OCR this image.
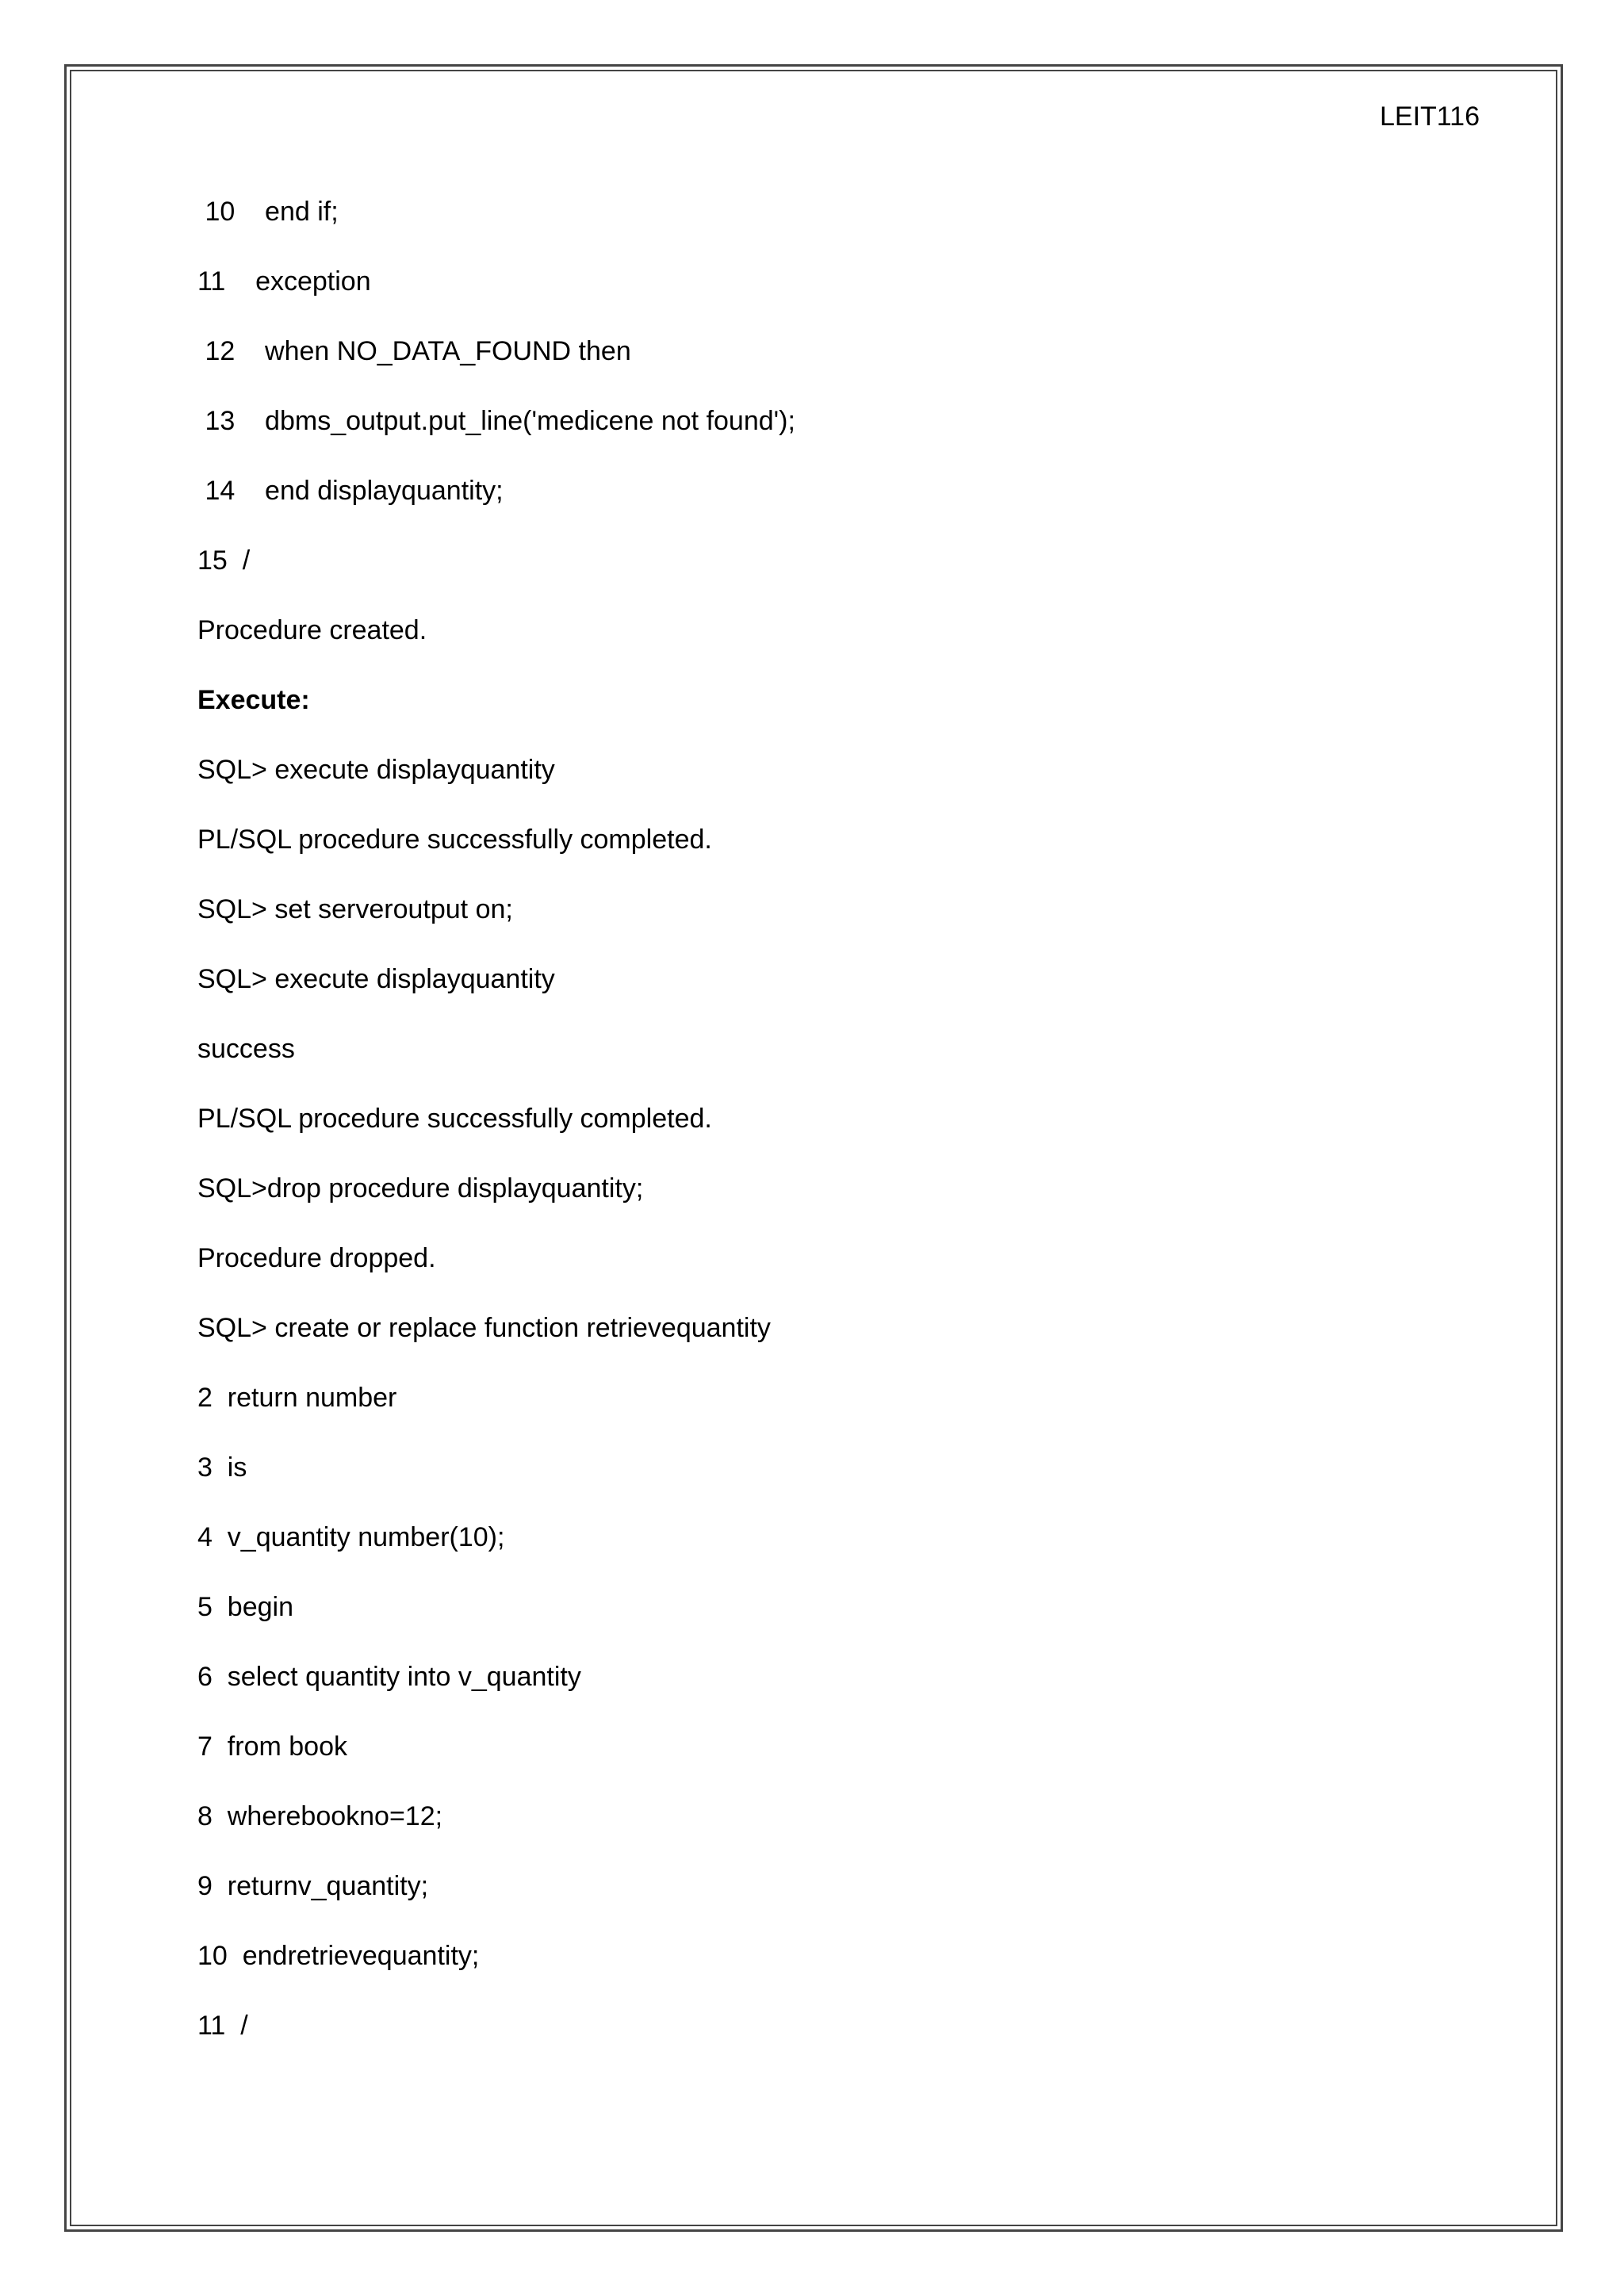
LEIT116
10    end if;
11    exception
12    when NO_DATA_FOUND then
13    dbms_output.put_line('medicene not found');
14    end displayquantity;
15  /
Procedure created.
Execute:
SQL> execute displayquantity
PL/SQL procedure successfully completed.
SQL> set serveroutput on;
SQL> execute displayquantity
success
PL/SQL procedure successfully completed.
SQL>drop procedure displayquantity;
Procedure dropped.
SQL> create or replace function retrievequantity
2  return number
3  is
4  v_quantity number(10);
5  begin
6  select quantity into v_quantity
7  from book
8  wherebookno=12;
9  returnv_quantity;
10  endretrievequantity;
11  /
